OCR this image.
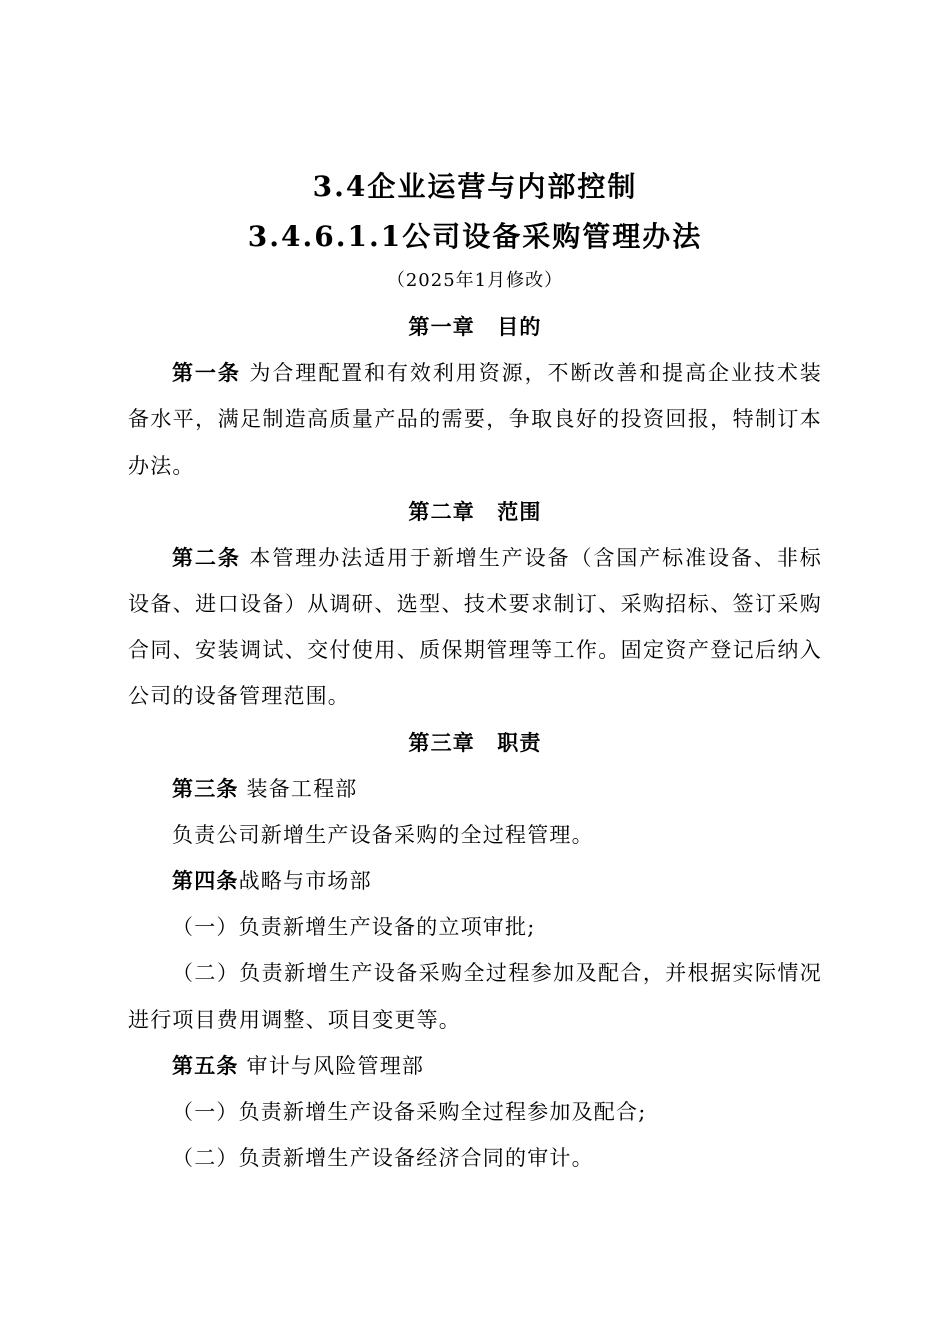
3.4企业运营与内部控制
3.4.6.1.1公司设备采购管理办法
（2025年1月修改）
第一章　目的
第一条 为合理配置和有效利用资源，不断改善和提高企业技术装
备水平，满足制造高质量产品的需要，争取良好的投资回报，特制订本
办法。
第二章　范围
第二条 本管理办法适用于新增生产设备（含国产标准设备、非标
设备、进口设备）从调研、选型、技术要求制订、采购招标、签订采购
合同、安装调试、交付使用、质保期管理等工作。固定资产登记后纳入
公司的设备管理范围。
第三章　职责
第三条 装备工程部
负责公司新增生产设备采购的全过程管理。
第四条战略与市场部
（一）负责新增生产设备的立项审批;
（二）负责新增生产设备采购全过程参加及配合，并根据实际情况
进行项目费用调整、项目变更等。
第五条 审计与风险管理部
（一）负责新增生产设备采购全过程参加及配合;
（二）负责新增生产设备经济合同的审计。
